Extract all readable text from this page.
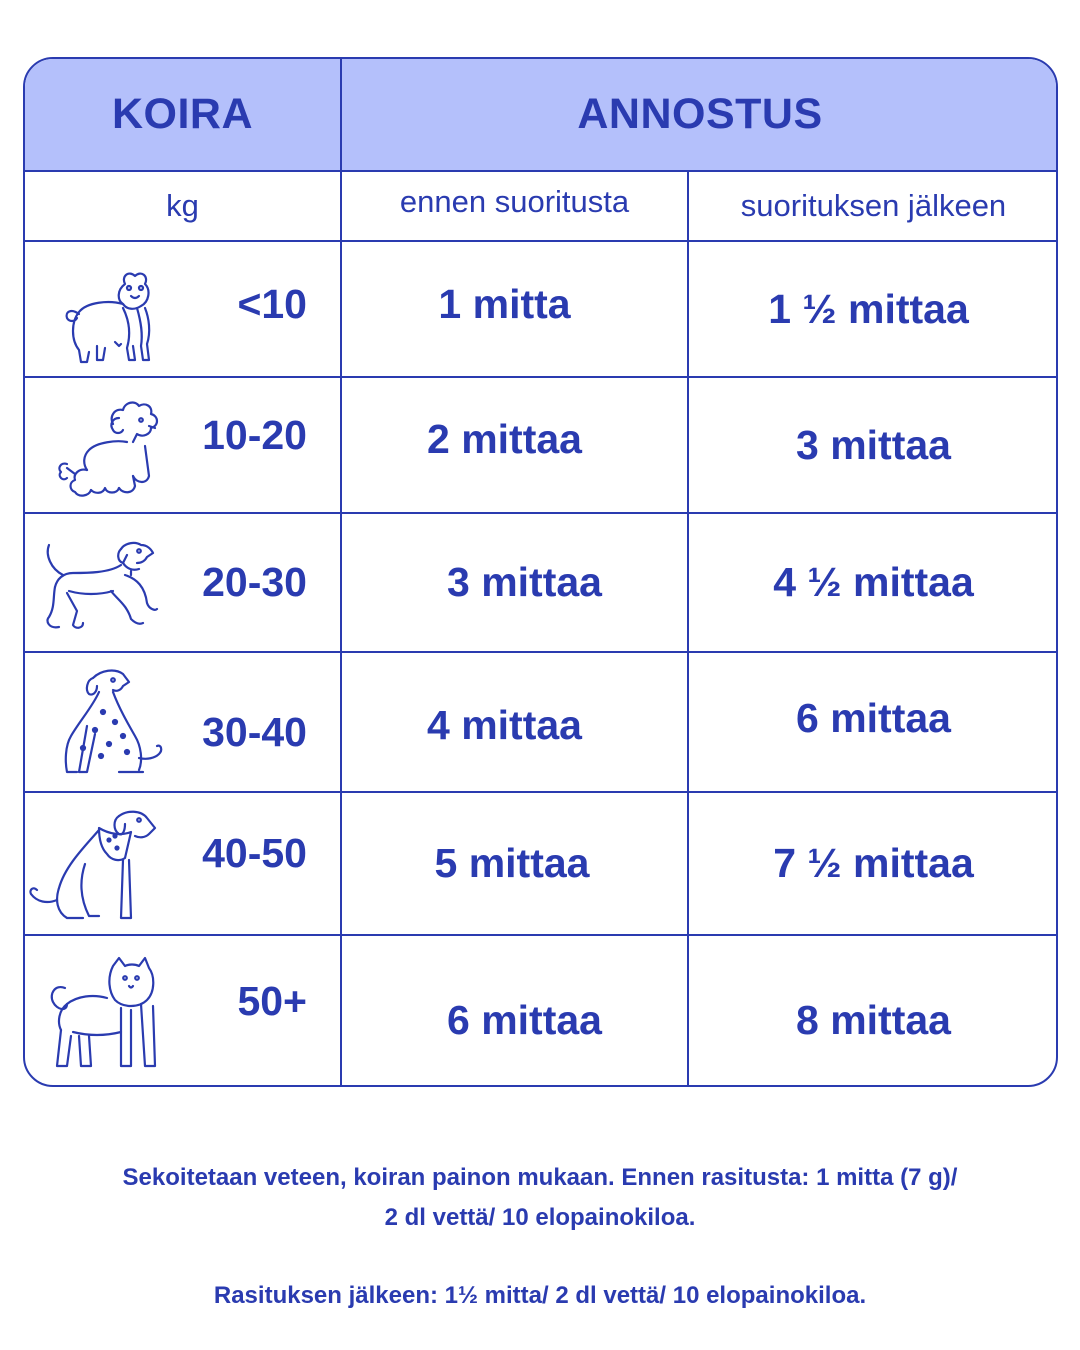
KOIRA	ANNOSTUS
kg	ennen suoritusta	suorituksen jälkeen
<10	1 mitta	1 ½ mittaa
10-20	2 mittaa	3 mittaa
20-30	3 mittaa	4 ½ mittaa
30-40	4 mittaa	6 mittaa
40-50	5 mittaa	7 ½ mittaa
50+	6 mittaa	8 mittaa
Sekoitetaan veteen, koiran painon mukaan. Ennen rasitusta: 1 mitta (7 g)/
2 dl vettä/ 10 elopainokiloa.
Rasituksen jälkeen: 1½ mitta/ 2 dl vettä/ 10 elopainokiloa.
